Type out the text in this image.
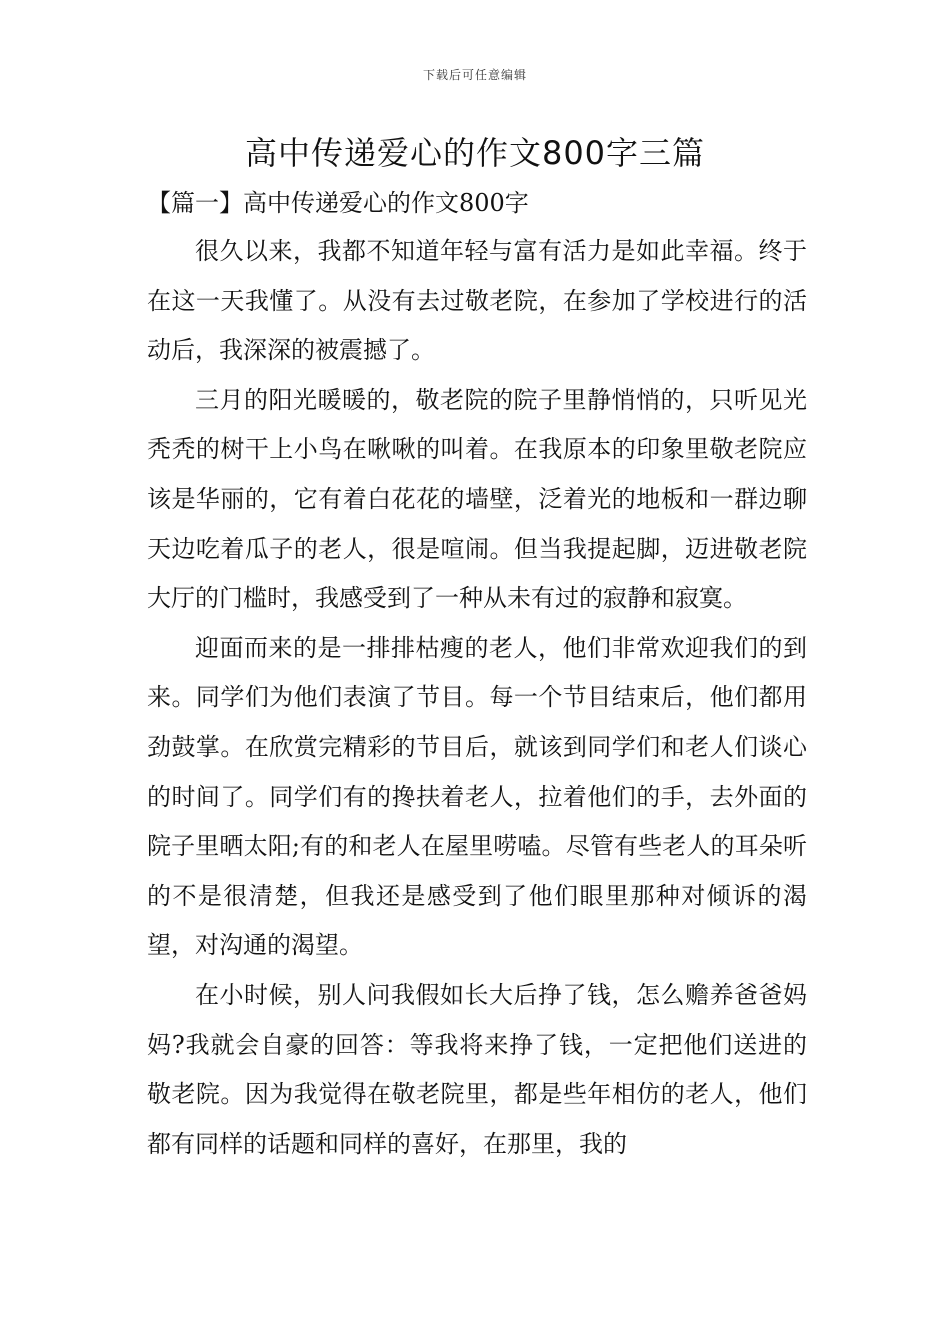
下载后可任意编辑
高中传递爱心的作文800字三篇
【篇一】高中传递爱心的作文800字

很久以来，我都不知道年轻与富有活力是如此幸福。终于在这一天我懂了。从没有去过敬老院，在参加了学校进行的活动后，我深深的被震撼了。

三月的阳光暖暖的，敬老院的院子里静悄悄的，只听见光秃秃的树干上小鸟在啾啾的叫着。在我原本的印象里敬老院应该是华丽的，它有着白花花的墙壁，泛着光的地板和一群边聊天边吃着瓜子的老人，很是喧闹。但当我提起脚，迈进敬老院大厅的门槛时，我感受到了一种从未有过的寂静和寂寞。

迎面而来的是一排排枯瘦的老人，他们非常欢迎我们的到来。同学们为他们表演了节目。每一个节目结束后，他们都用劲鼓掌。在欣赏完精彩的节目后，就该到同学们和老人们谈心的时间了。同学们有的搀扶着老人，拉着他们的手，去外面的院子里晒太阳;有的和老人在屋里唠嗑。尽管有些老人的耳朵听的不是很清楚，但我还是感受到了他们眼里那种对倾诉的渴望，对沟通的渴望。

在小时候，别人问我假如长大后挣了钱，怎么赡养爸爸妈妈?我就会自豪的回答：等我将来挣了钱，一定把他们送进的敬老院。因为我觉得在敬老院里，都是些年相仿的老人，他们都有同样的话题和同样的喜好，在那里，我的
